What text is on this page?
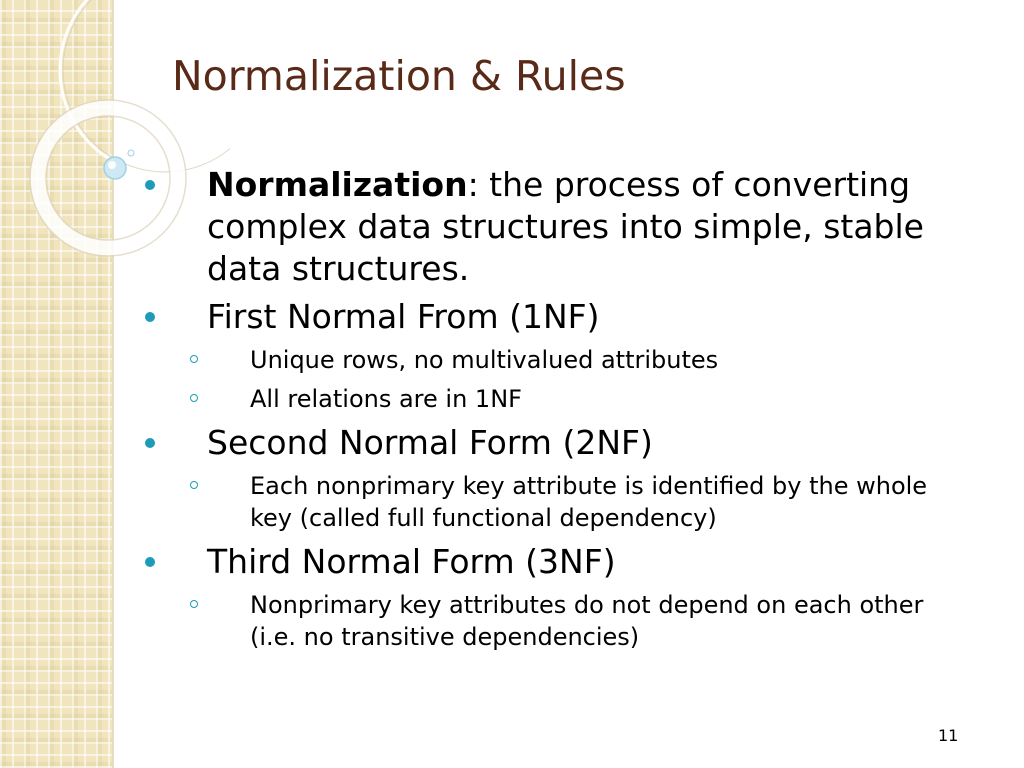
Normalization & Rules
Normalization: the process of converting complex data structures into simple, stable data structures.
First Normal From (1NF)
Unique rows, no multivalued attributes
All relations are in 1NF
Second Normal Form (2NF)
Each nonprimary key attribute is identified by the whole key (called full functional dependency)
Third Normal Form (3NF)
Nonprimary key attributes do not depend on each other (i.e. no transitive dependencies)
11
